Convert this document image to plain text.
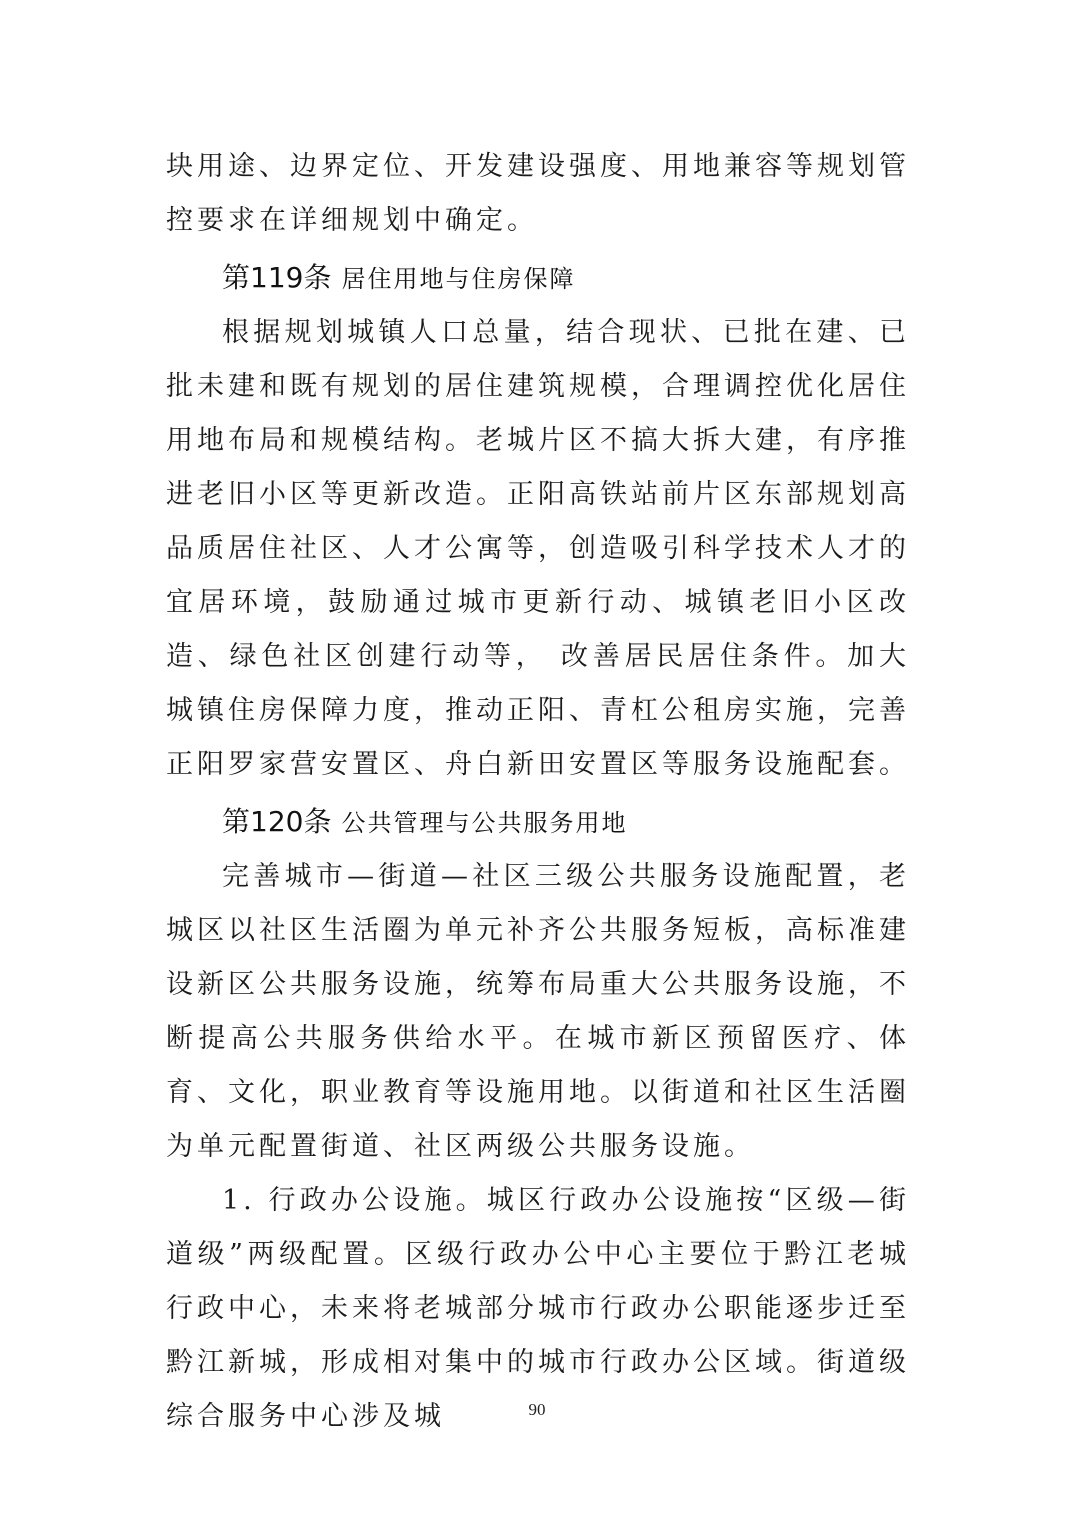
块用途、边界定位、开发建设强度、用地兼容等规划管控要求在详细规划中确定。

第119条 居住用地与住房保障

根据规划城镇人口总量，结合现状、已批在建、已批未建和既有规划的居住建筑规模，合理调控优化居住用地布局和规模结构。老城片区不搞大拆大建，有序推进老旧小区等更新改造。正阳高铁站前片区东部规划高品质居住社区、人才公寓等，创造吸引科学技术人才的宜居环境，鼓励通过城市更新行动、城镇老旧小区改造、绿色社区创建行动等， 改善居民居住条件。加大城镇住房保障力度，推动正阳、青杠公租房实施，完善正阳罗家营安置区、舟白新田安置区等服务设施配套。

第120条 公共管理与公共服务用地

完善城市—街道—社区三级公共服务设施配置，老城区以社区生活圈为单元补齐公共服务短板，高标准建设新区公共服务设施，统筹布局重大公共服务设施，不断提高公共服务供给水平。在城市新区预留医疗、体育、文化，职业教育等设施用地。以街道和社区生活圈为单元配置街道、社区两级公共服务设施。

1. 行政办公设施。城区行政办公设施按“区级—街道级”两级配置。区级行政办公中心主要位于黔江老城行政中心，未来将老城部分城市行政办公职能逐步迁至黔江新城，形成相对集中的城市行政办公区域。街道级综合服务中心涉及城	90
